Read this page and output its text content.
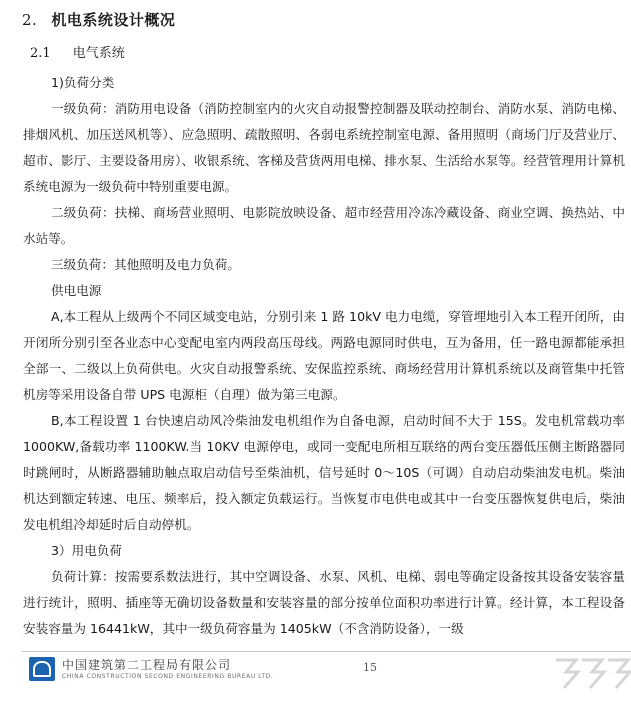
2. 机电系统设计概况
2.1 电气系统

1)负荷分类

一级负荷：消防用电设备（消防控制室内的火灾自动报警控制器及联动控制台、消防水泵、消防电梯、排烟风机、加压送风机等）、应急照明、疏散照明、各弱电系统控制室电源、备用照明（商场门厅及营业厅、超市、影厅、主要设备用房）、收银系统、客梯及营货两用电梯、排水泵、生活给水泵等。经营管理用计算机系统电源为一级负荷中特别重要电源。

二级负荷：扶梯、商场营业照明、电影院放映设备、超市经营用冷冻冷藏设备、商业空调、换热站、中水站等。

三级负荷：其他照明及电力负荷。

供电电源

A,本工程从上级两个不同区域变电站，分别引来 1 路 10kV 电力电缆，穿管埋地引入本工程开闭所，由开闭所分别引至各业态中心变配电室内两段高压母线。两路电源同时供电，互为备用，任一路电源都能承担全部一、二级以上负荷供电。火灾自动报警系统、安保监控系统、商场经营用计算机系统以及商管集中托管机房等采用设备自带 UPS 电源柜（自理）做为第三电源。

B,本工程设置 1 台快速启动风冷柴油发电机组作为自备电源，启动时间不大于 15S。发电机常载功率 1000KW,备载功率 1100KW.当 10KV 电源停电，或同一变配电所相互联络的两台变压器低压侧主断路器同时跳闸时，从断路器辅助触点取启动信号至柴油机，信号延时 0～10S（可调）自动启动柴油发电机。柴油机达到额定转速、电压、频率后，投入额定负载运行。当恢复市电供电或其中一台变压器恢复供电后，柴油发电机组冷却延时后自动停机。

3）用电负荷

负荷计算：按需要系数法进行，其中空调设备、水泵、风机、电梯、弱电等确定设备按其设备安装容量进行统计，照明、插座等无确切设备数量和安装容量的部分按单位面积功率进行计算。经计算，本工程设备安装容量为 16441kW，其中一级负荷容量为 1405kW（不含消防设备），一级

中国建筑第二工程局有限公司
CHINA CONSTRUCTION SECOND ENGINEERING BUREAU LTD.
15
